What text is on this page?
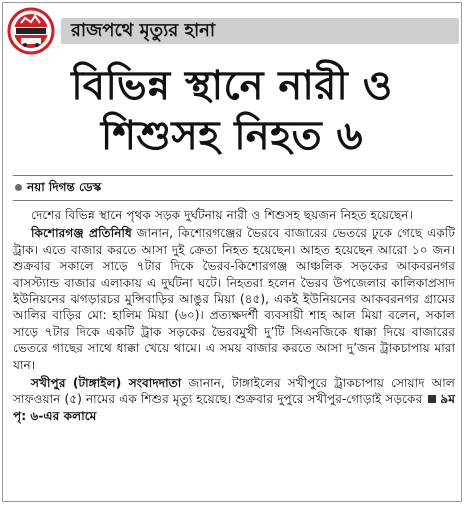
রাজপথে মৃত্যুর হানা
বিভিন্ন স্থানে নারী ও
শিশুসহ নিহত ৬
নয়া দিগন্ত ডেস্ক

দেশের বিভিন্ন স্থানে পৃথক সড়ক দুর্ঘটনায় নারী ও শিশুসহ ছয়জন নিহত হয়েছেন।

কিশোরগঞ্জ প্রতিনিধি জানান, কিশোরগঞ্জের ভৈরবে বাজারের ভেতরে ঢুকে গেছে একটি ট্রাক। এতে বাজার করতে আসা দুই ক্রেতা নিহত হয়েছেন। আহত হয়েছেন আরো ১০ জন। শুক্রবার সকালে সাড়ে ৭টার দিকে ভৈরব-কিশোরগঞ্জ আঞ্চলিক সড়কের আকবরনগর বাসস্ট্যান্ড বাজার এলাকায় এ দুর্ঘটনা ঘটে। নিহতরা হলেন ভৈরব উপজেলার কালিকাপ্রসাদ ইউনিয়নের ঝগড়ারচর মুন্সিবাড়ির আঙুর মিয়া (৪৫), একই ইউনিয়নের আকবরনগর গ্রামের আলির বাড়ির মো: হালিম মিয়া (৬০)। প্রত্যক্ষদর্শী ব্যবসায়ী শাহ আল মিয়া বলেন, সকাল সাড়ে ৭টার দিকে একটি ট্রাক সড়কের ভৈরবমুখী দু’টি সিএনজিকে ধাক্কা দিয়ে বাজারের ভেতরে গাছের সাথে ধাক্কা খেয়ে থামে। এ সময় বাজার করতে আসা দু’জন ট্রাকচাপায় মারা যান।

সখীপুর (টাঙ্গাইল) সংবাদদাতা জানান, টাঙ্গাইলের সখীপুরে ট্রাকচাপায় সোয়াদ আল সাফওয়ান (৫) নামের এক শিশুর মৃত্যু হয়েছে। শুক্রবার দুপুরে সখীপুর-গোড়াই সড়কের ৯ম পৃ: ৬-এর কলামে
